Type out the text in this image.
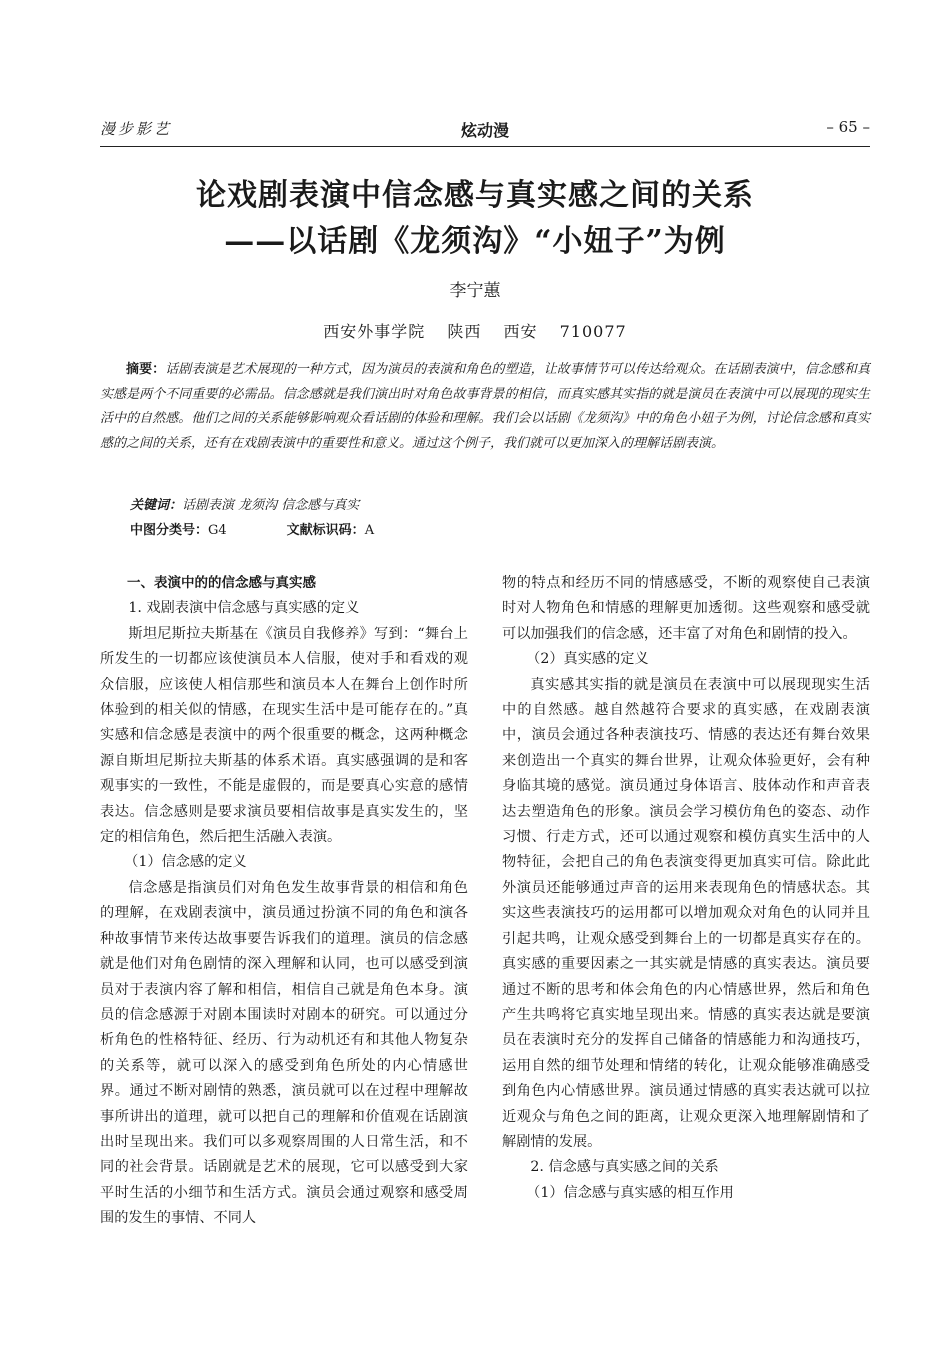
漫步影艺	炫动漫	– 65 –
论戏剧表演中信念感与真实感之间的关系
——以话剧《龙须沟》“小妞子”为例
李宁蕙
西安外事学院 陕西 西安 710077
  摘要：话剧表演是艺术展现的一种方式，因为演员的表演和角色的塑造，让故事情节可以传达给观众。在话剧表演中，信念感和真实感是两个不同重要的必需品。信念感就是我们演出时对角色故事背景的相信，而真实感其实指的就是演员在表演中可以展现的现实生活中的自然感。他们之间的关系能够影响观众看话剧的体验和理解。我们会以话剧《龙须沟》中的角色小妞子为例，讨论信念感和真实感的之间的关系，还有在戏剧表演中的重要性和意义。通过这个例子，我们就可以更加深入的理解话剧表演。
关键词：话剧表演 龙须沟 信念感与真实
中图分类号：G4	文献标识码：A

一、表演中的的信念感与真实感

1. 戏剧表演中信念感与真实感的定义

斯坦尼斯拉夫斯基在《演员自我修养》写到：“舞台上所发生的一切都应该使演员本人信服，使对手和看戏的观众信服，应该使人相信那些和演员本人在舞台上创作时所体验到的相关似的情感，在现实生活中是可能存在的。”真实感和信念感是表演中的两个很重要的概念，这两种概念源自斯坦尼斯拉夫斯基的体系术语。真实感强调的是和客观事实的一致性，不能是虚假的，而是要真心实意的感情表达。信念感则是要求演员要相信故事是真实发生的，坚定的相信角色，然后把生活融入表演。

（1）信念感的定义

信念感是指演员们对角色发生故事背景的相信和角色的理解，在戏剧表演中，演员通过扮演不同的角色和演各种故事情节来传达故事要告诉我们的道理。演员的信念感就是他们对角色剧情的深入理解和认同，也可以感受到演员对于表演内容了解和相信，相信自己就是角色本身。演员的信念感源于对剧本围读时对剧本的研究。可以通过分析角色的性格特征、经历、行为动机还有和其他人物复杂的关系等，就可以深入的感受到角色所处的内心情感世界。通过不断对剧情的熟悉，演员就可以在过程中理解故事所讲出的道理，就可以把自己的理解和价值观在话剧演出时呈现出来。我们可以多观察周围的人日常生活，和不同的社会背景。话剧就是艺术的展现，它可以感受到大家平时生活的小细节和生活方式。演员会通过观察和感受周围的发生的事情、不同人

物的特点和经历不同的情感感受，不断的观察使自己表演时对人物角色和情感的理解更加透彻。这些观察和感受就可以加强我们的信念感，还丰富了对角色和剧情的投入。

（2）真实感的定义

真实感其实指的就是演员在表演中可以展现现实生活中的自然感。越自然越符合要求的真实感，在戏剧表演中，演员会通过各种表演技巧、情感的表达还有舞台效果来创造出一个真实的舞台世界，让观众体验更好，会有种身临其境的感觉。演员通过身体语言、肢体动作和声音表达去塑造角色的形象。演员会学习模仿角色的姿态、动作习惯、行走方式，还可以通过观察和模仿真实生活中的人物特征，会把自己的角色表演变得更加真实可信。除此此外演员还能够通过声音的运用来表现角色的情感状态。其实这些表演技巧的运用都可以增加观众对角色的认同并且引起共鸣，让观众感受到舞台上的一切都是真实存在的。真实感的重要因素之一其实就是情感的真实表达。演员要通过不断的思考和体会角色的内心情感世界，然后和角色产生共鸣将它真实地呈现出来。情感的真实表达就是要演员在表演时充分的发挥自己储备的情感能力和沟通技巧，运用自然的细节处理和情绪的转化，让观众能够准确感受到角色内心情感世界。演员通过情感的真实表达就可以拉近观众与角色之间的距离，让观众更深入地理解剧情和了解剧情的发展。

2. 信念感与真实感之间的关系

（1）信念感与真实感的相互作用
